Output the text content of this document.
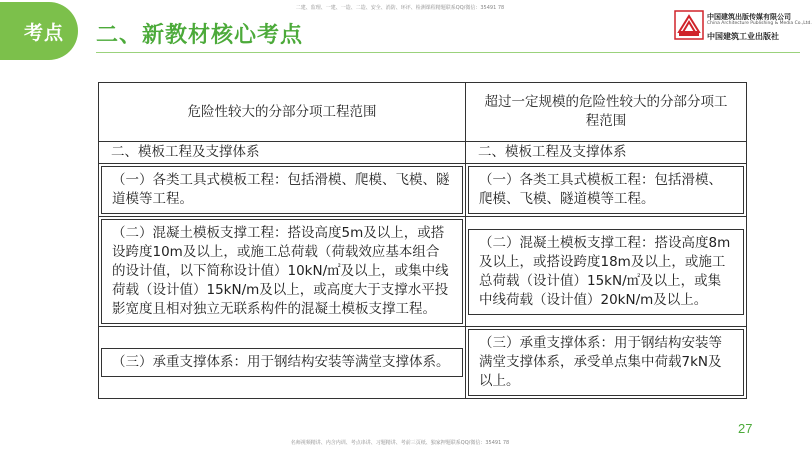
二建、监理、一建、一造、二造、安全、消防、环评、检测课程精题联系QQ/微信：35491 78
考点 二、新教材核心考点
中国建筑出版传媒有限公司
China Architecture Publishing & Media Co.,Ltd.
中国建筑工业出版社
危险性较大的分部分项工程范围	超过一定规模的危险性较大的分部分项工程范围
二、模板工程及支撑体系	二、模板工程及支撑体系

（一）各类工具式模板工程：包括滑模、爬模、飞模、隧道模等工程。	（一）各类工具式模板工程：包括滑模、爬模、飞模、隧道模等工程。

（二）混凝土模板支撑工程：搭设高度5m及以上，或搭设跨度10m及以上，或施工总荷载（荷载效应基本组合的设计值，以下简称设计值）10kN/㎡及以上，或集中线荷载（设计值）15kN/m及以上，或高度大于支撑水平投影宽度且相对独立无联系构件的混凝土模板支撑工程。	（二）混凝土模板支撑工程：搭设高度8m及以上，或搭设跨度18m及以上，或施工总荷载（设计值）15kN/㎡及以上，或集中线荷载（设计值）20kN/m及以上。

（三）承重支撑体系：用于钢结构安装等满堂支撑体系。	（三）承重支撑体系：用于钢结构安装等满堂支撑体系，承受单点集中荷载7kN及以上。
27
名师视频精讲、内含内训、考点串讲、习题精讲、考前三页纸、独家押题联系QQ/微信：35491 78
